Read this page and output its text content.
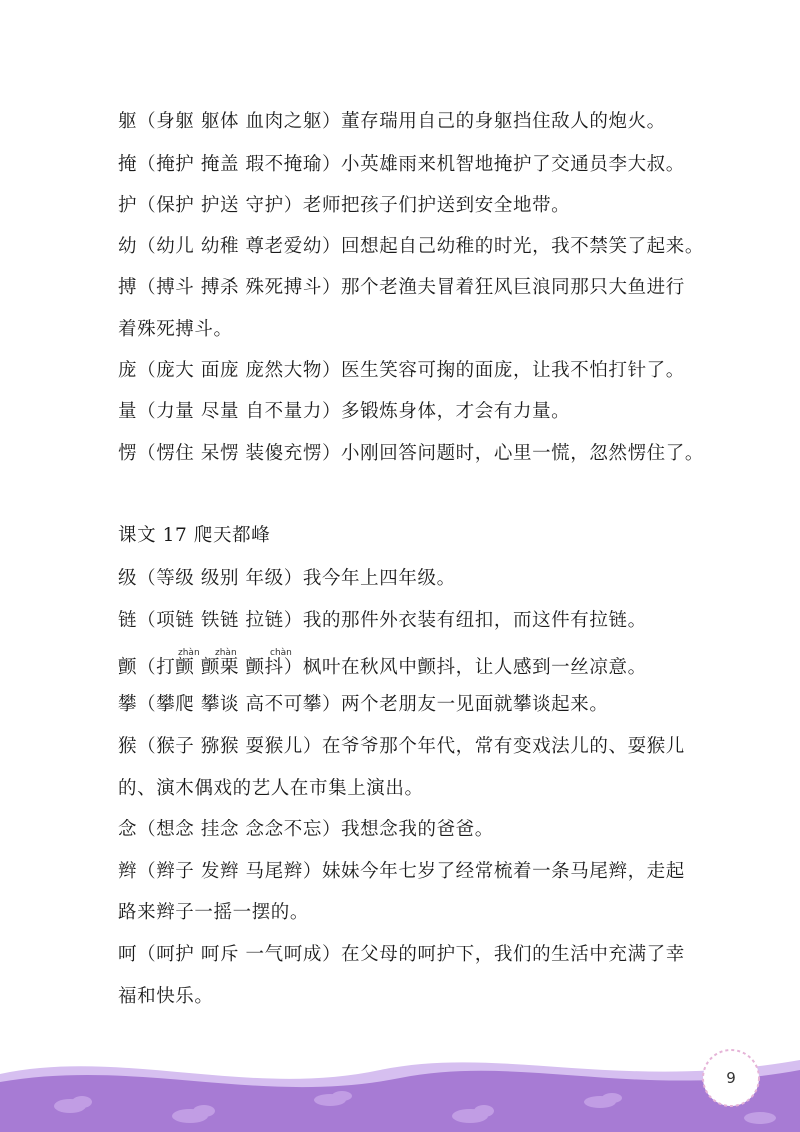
躯（身躯 躯体 血肉之躯）董存瑞用自己的身躯挡住敌人的炮火。
掩（掩护 掩盖 瑕不掩瑜）小英雄雨来机智地掩护了交通员李大叔。
护（保护 护送 守护）老师把孩子们护送到安全地带。
幼（幼儿 幼稚 尊老爱幼）回想起自己幼稚的时光，我不禁笑了起来。
搏（搏斗 搏杀 殊死搏斗）那个老渔夫冒着狂风巨浪同那只大鱼进行
着殊死搏斗。
庞（庞大 面庞 庞然大物）医生笑容可掬的面庞，让我不怕打针了。
量（力量 尽量 自不量力）多锻炼身体，才会有力量。
愣（愣住 呆愣 装傻充愣）小刚回答问题时，心里一慌，忽然愣住了。
课文 17 爬天都峰
级（等级 级别 年级）我今年上四年级。
链（项链 铁链 拉链）我的那件外衣装有纽扣，而这件有拉链。
zhàn zhàn	chàn
颤（打颤 颤栗 颤抖）枫叶在秋风中颤抖，让人感到一丝凉意。
攀（攀爬 攀谈 高不可攀）两个老朋友一见面就攀谈起来。
猴（猴子 猕猴 耍猴儿）在爷爷那个年代，常有变戏法儿的、耍猴儿
的、演木偶戏的艺人在市集上演出。
念（想念 挂念 念念不忘）我想念我的爸爸。
辫（辫子 发辫 马尾辫）妹妹今年七岁了经常梳着一条马尾辫，走起
路来辫子一摇一摆的。
呵（呵护 呵斥 一气呵成）在父母的呵护下，我们的生活中充满了幸
福和快乐。
9
